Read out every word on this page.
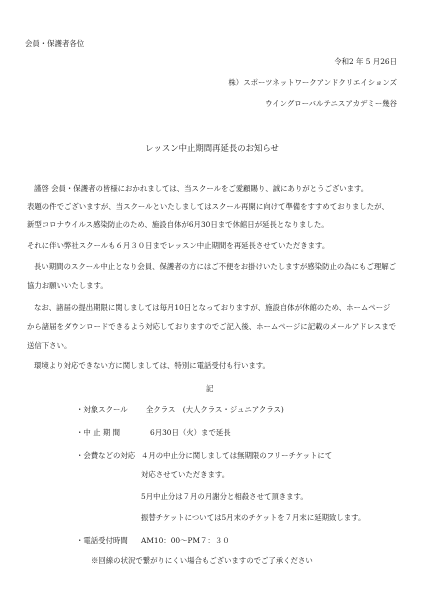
会員・保護者各位
令和2 年 5 月26日
株）スポーツネットワークアンドクリエイションズ
ウイングローバルテニスアカデミー幾谷
レッスン中止期間再延長のお知らせ
謹啓 会員・保護者の皆様におかれましては、当スクールをご愛顧賜り、誠にありがとうございます。
表題の件でございますが、当スクールといたしましてはスクール再開に向けて準備をすすめておりましたが、
新型コロナウイルス感染防止のため、施設自体が6月30日まで休館日が延長となりました。
それに伴い弊社スクールも６月３０日までレッスン中止期間を再延長させていただきます。
長い期間のスクール中止となり会員、保護者の方にはご不便をお掛けいたしますが感染防止の為にもご理解ご
協力お願いいたします。
なお、諸届の提出期限に関しましては毎月10日となっておりますが、施設自体が休館のため、ホームページ
から諸届をダウンロードできるよう対応しておりますのでご記入後、ホームページに記載のメールアドレスまで
送信下さい。
環境より対応できない方に関しましては、特別に電話受付も行います。
記
・対象スクール 全クラス　(大人クラス・ジュニアクラス)
・中 止 期 間	6月30日（火）まで延長
・会費などの対応 ４月の中止分に関しましては無期限のフリーチケットにて
対応させていただきます。
5月中止分は７月の月謝分と相殺させて頂きます。
振替チケットについては5月末のチケットを７月末に延期致します。
・電話受付時間 AM10：00～PM７：３０
※回線の状況で繋がりにくい場合もございますのでご了承ください
